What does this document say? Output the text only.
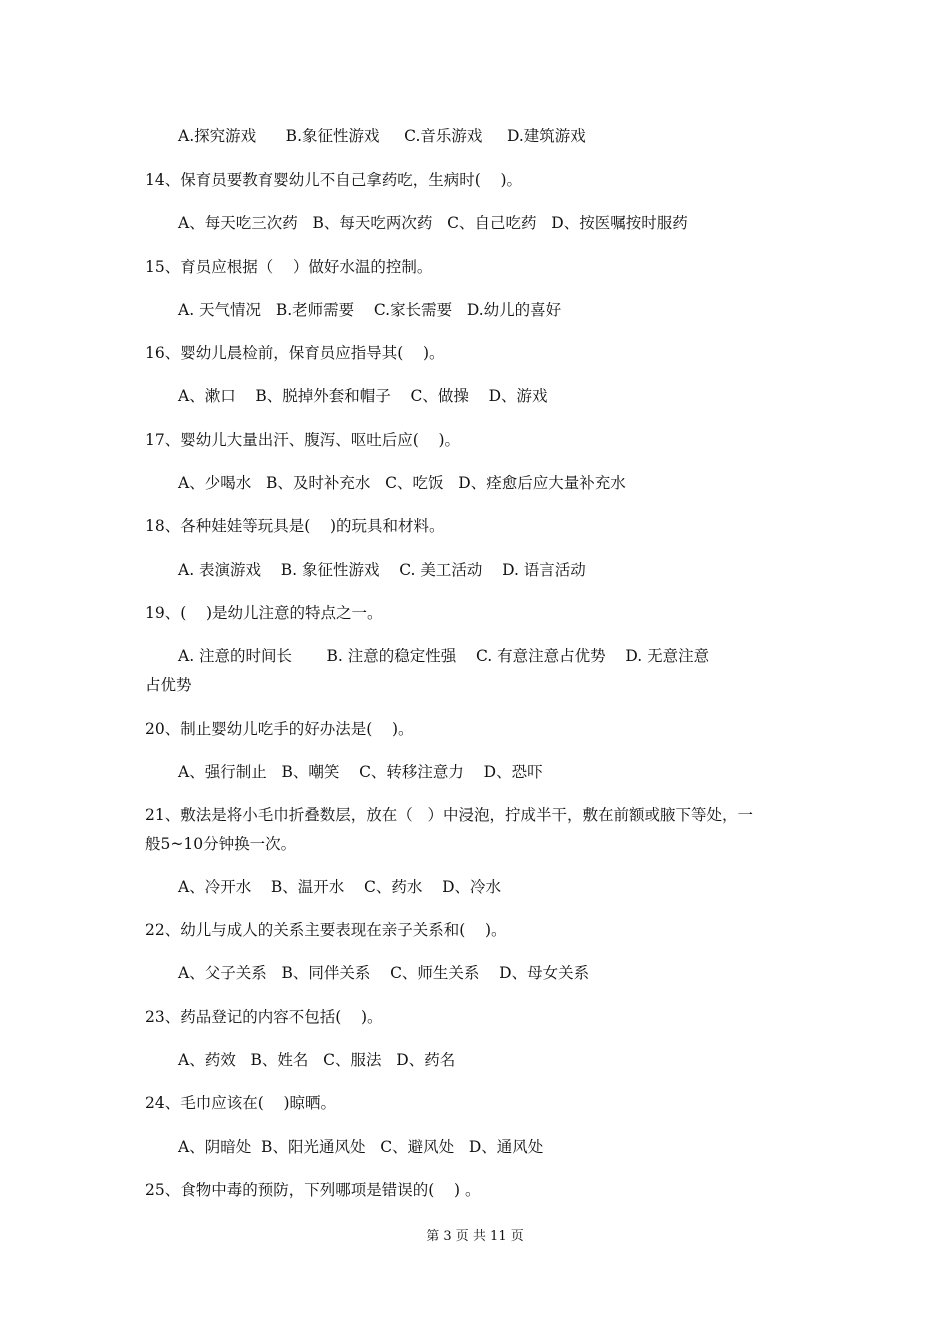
A.探究游戏      B.象征性游戏     C.音乐游戏     D.建筑游戏
14、保育员要教育婴幼儿不自己拿药吃，生病时(    )。
A、每天吃三次药   B、每天吃两次药   C、自己吃药   D、按医嘱按时服药
15、育员应根据（    ）做好水温的控制。
A. 天气情况   B.老师需要    C.家长需要   D.幼儿的喜好
16、婴幼儿晨检前，保育员应指导其(    )。
A、漱口    B、脱掉外套和帽子    C、做操    D、游戏
17、婴幼儿大量出汗、腹泻、呕吐后应(    )。
A、少喝水   B、及时补充水   C、吃饭   D、痊愈后应大量补充水
18、各种娃娃等玩具是(    )的玩具和材料。
A. 表演游戏    B. 象征性游戏    C. 美工活动    D. 语言活动
19、(    )是幼儿注意的特点之一。
A. 注意的时间长       B. 注意的稳定性强    C. 有意注意占优势    D. 无意注意
占优势
20、制止婴幼儿吃手的好办法是(    )。
A、强行制止   B、嘲笑    C、转移注意力    D、恐吓
21、敷法是将小毛巾折叠数层，放在（   ）中浸泡，拧成半干，敷在前额或腋下等处，一
般5~10分钟换一次。
A、冷开水    B、温开水    C、药水    D、冷水
22、幼儿与成人的关系主要表现在亲子关系和(    )。
A、父子关系   B、同伴关系    C、师生关系    D、母女关系
23、药品登记的内容不包括(    )。
A、药效   B、姓名   C、服法   D、药名
24、毛巾应该在(    )晾晒。
A、阴暗处  B、阳光通风处   C、避风处   D、通风处
25、食物中毒的预防，下列哪项是错误的(    ) 。
第 3 页 共 11 页
